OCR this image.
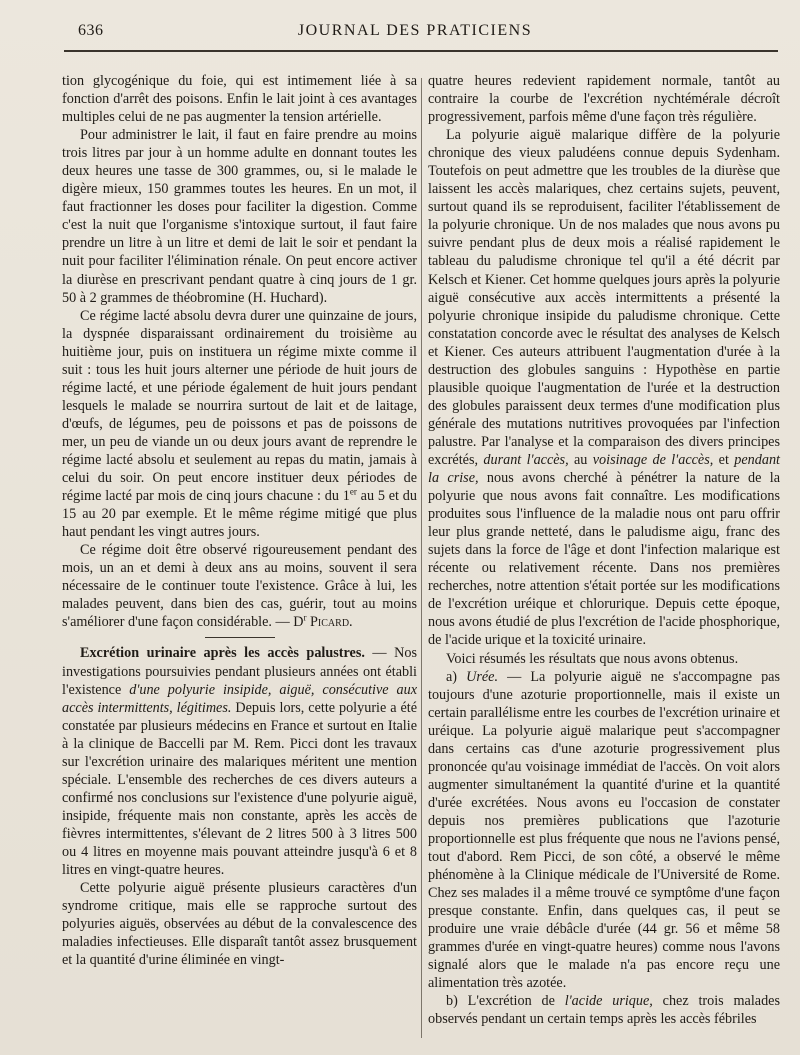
636	JOURNAL DES PRATICIENS

tion glycogénique du foie, qui est intimement liée à sa fonction d'arrêt des poisons. Enfin le lait joint à ces avantages multiples celui de ne pas augmenter la tension artérielle.

Pour administrer le lait, il faut en faire prendre au moins trois litres par jour à un homme adulte en donnant toutes les deux heures une tasse de 300 grammes, ou, si le malade le digère mieux, 150 grammes toutes les heures. En un mot, il faut fractionner les doses pour faciliter la digestion. Comme c'est la nuit que l'organisme s'intoxique surtout, il faut faire prendre un litre à un litre et demi de lait le soir et pendant la nuit pour faciliter l'élimination rénale. On peut encore activer la diurèse en prescrivant pendant quatre à cinq jours de 1 gr. 50 à 2 grammes de théobromine (H. Huchard).

Ce régime lacté absolu devra durer une quinzaine de jours, la dyspnée disparaissant ordinairement du troisième au huitième jour, puis on instituera un régime mixte comme il suit : tous les huit jours alterner une période de huit jours de régime lacté, et une période également de huit jours pendant lesquels le malade se nourrira surtout de lait et de laitage, d'œufs, de légumes, peu de poissons et pas de poissons de mer, un peu de viande un ou deux jours avant de reprendre le régime lacté absolu et seulement au repas du matin, jamais à celui du soir. On peut encore instituer deux périodes de régime lacté par mois de cinq jours chacune : du 1er au 5 et du 15 au 20 par exemple. Et le même régime mitigé que plus haut pendant les vingt autres jours.

Ce régime doit être observé rigoureusement pendant des mois, un an et demi à deux ans au moins, souvent il sera nécessaire de le continuer toute l'existence. Grâce à lui, les malades peuvent, dans bien des cas, guérir, tout au moins s'améliorer d'une façon considérable. — $D^r$ Picard.

Excrétion urinaire après les accès palustres. — Nos investigations poursuivies pendant plusieurs années ont établi l'existence d'une polyurie insipide, aiguë, consécutive aux accès intermittents, légitimes. Depuis lors, cette polyurie a été constatée par plusieurs médecins en France et surtout en Italie à la clinique de Baccelli par M. Rem. Picci dont les travaux sur l'excrétion urinaire des malariques méritent une mention spéciale. L'ensemble des recherches de ces divers auteurs a confirmé nos conclusions sur l'existence d'une polyurie aiguë, insipide, fréquente mais non constante, après les accès de fièvres intermittentes, s'élevant de 2 litres 500 à 3 litres 500 ou 4 litres en moyenne mais pouvant atteindre jusqu'à 6 et 8 litres en vingt-quatre heures.

Cette polyurie aiguë présente plusieurs caractères d'un syndrome critique, mais elle se rapproche surtout des polyuries aiguës, observées au début de la convalescence des maladies infectieuses. Elle disparaît tantôt assez brusquement et la quantité d'urine éliminée en vingt-

quatre heures redevient rapidement normale, tantôt au contraire la courbe de l'excrétion nychtémérale décroît progressivement, parfois même d'une façon très régulière.

La polyurie aiguë malarique diffère de la polyurie chronique des vieux paludéens connue depuis Sydenham. Toutefois on peut admettre que les troubles de la diurèse que laissent les accès malariques, chez certains sujets, peuvent, surtout quand ils se reproduisent, faciliter l'établissement de la polyurie chronique. Un de nos malades que nous avons pu suivre pendant plus de deux mois a réalisé rapidement le tableau du paludisme chronique tel qu'il a été décrit par Kelsch et Kiener. Cet homme quelques jours après la polyurie aiguë consécutive aux accès intermittents a présenté la polyurie chronique insipide du paludisme chronique. Cette constatation concorde avec le résultat des analyses de Kelsch et Kiener. Ces auteurs attribuent l'augmentation d'urée à la destruction des globules sanguins : Hypothèse en partie plausible quoique l'augmentation de l'urée et la destruction des globules paraissent deux termes d'une modification plus générale des mutations nutritives provoquées par l'infection palustre. Par l'analyse et la comparaison des divers principes excrétés, durant l'accès, au voisinage de l'accès, et pendant la crise, nous avons cherché à pénétrer la nature de la polyurie que nous avons fait connaître. Les modifications produites sous l'influence de la maladie nous ont paru offrir leur plus grande netteté, dans le paludisme aigu, franc des sujets dans la force de l'âge et dont l'infection malarique est récente ou relativement récente. Dans nos premières recherches, notre attention s'était portée sur les modifications de l'excrétion uréique et chlorurique. Depuis cette époque, nous avons étudié de plus l'excrétion de l'acide phosphorique, de l'acide urique et la toxicité urinaire.

Voici résumés les résultats que nous avons obtenus.

a) Urée. — La polyurie aiguë ne s'accompagne pas toujours d'une azoturie proportionnelle, mais il existe un certain parallélisme entre les courbes de l'excrétion urinaire et uréique. La polyurie aiguë malarique peut s'accompagner dans certains cas d'une azoturie progressivement plus prononcée qu'au voisinage immédiat de l'accès. On voit alors augmenter simultanément la quantité d'urine et la quantité d'urée excrétées. Nous avons eu l'occasion de constater depuis nos premières publications que l'azoturie proportionnelle est plus fréquente que nous ne l'avions pensé, tout d'abord. Rem Picci, de son côté, a observé le même phénomène à la Clinique médicale de l'Université de Rome. Chez ses malades il a même trouvé ce symptôme d'une façon presque constante. Enfin, dans quelques cas, il peut se produire une vraie débâcle d'urée (44 gr. 56 et même 58 grammes d'urée en vingt-quatre heures) comme nous l'avons signalé alors que le malade n'a pas encore reçu une alimentation très azotée.

b) L'excrétion de l'acide urique, chez trois malades observés pendant un certain temps après les accès fébriles
